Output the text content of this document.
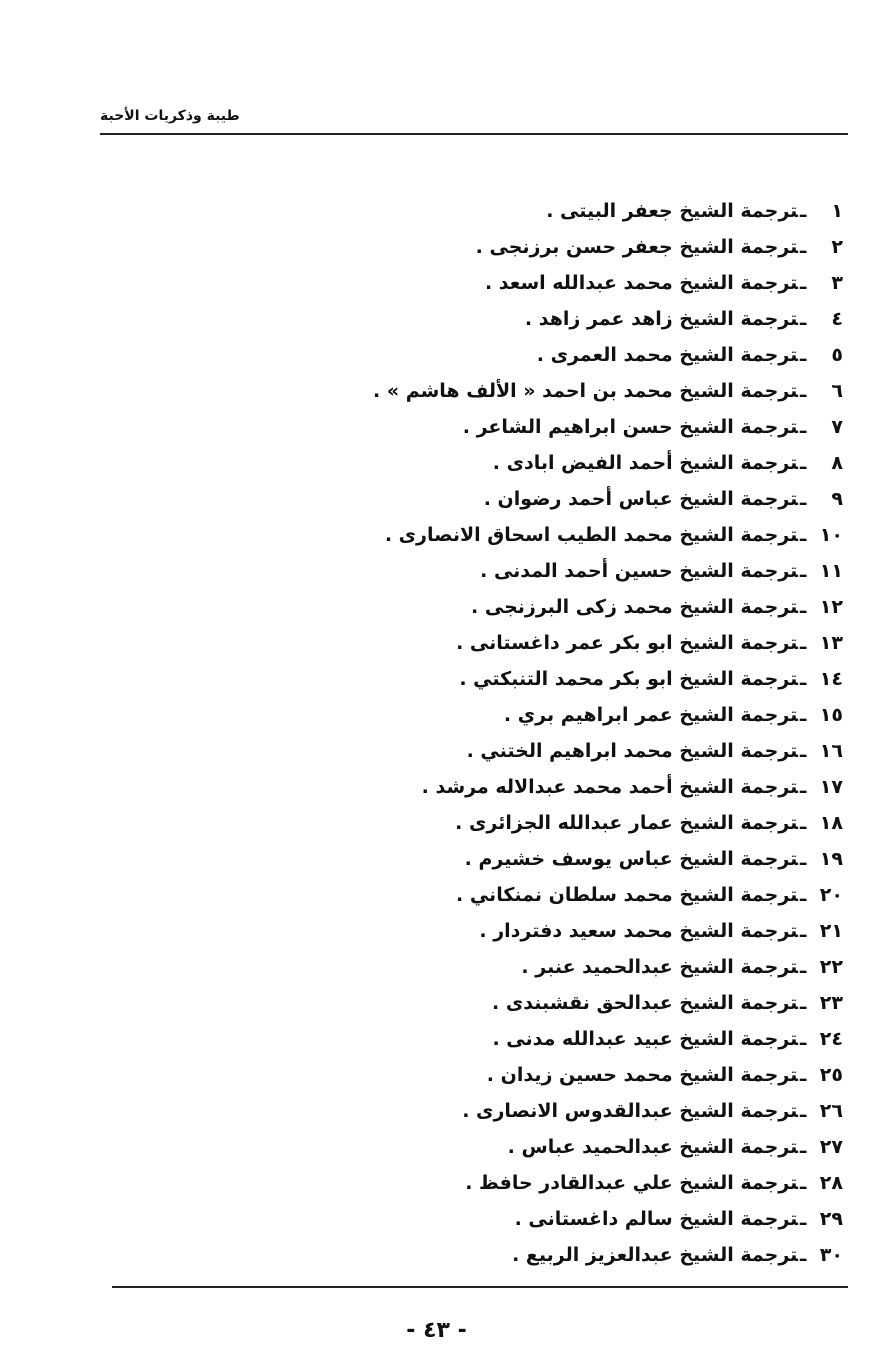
طيبة وذكريات الأحبة
١ ـترجمة الشيخ جعفر البيتى .
٢ ـترجمة الشيخ جعفر حسن برزنجى .
٣ ـترجمة الشيخ محمد عبدالله اسعد .
٤ ـترجمة الشيخ زاهد عمر زاهد .
٥ ـترجمة الشيخ محمد العمرى .
٦ ـترجمة الشيخ محمد بن احمد « الألف هاشم » .
٧ ـترجمة الشيخ حسن ابراهيم الشاعر .
٨ ـترجمة الشيخ أحمد الفيض ابادى .
٩ ـترجمة الشيخ عباس أحمد رضوان .
١٠ ـترجمة الشيخ محمد الطيب اسحاق الانصارى .
١١ ـترجمة الشيخ حسين أحمد المدنى .
١٢ ـترجمة الشيخ محمد زكى البرزنجى .
١٣ ـترجمة الشيخ ابو بكر عمر داغستانى .
١٤ ـترجمة الشيخ ابو بكر محمد التنبكتي .
١٥ ـترجمة الشيخ عمر ابراهيم بري .
١٦ ـترجمة الشيخ محمد ابراهيم الختني .
١٧ ـترجمة الشيخ أحمد محمد عبدالاله مرشد .
١٨ ـترجمة الشيخ عمار عبدالله الجزائرى .
١٩ ـترجمة الشيخ عباس يوسف خشيرم .
٢٠ ـترجمة الشيخ محمد سلطان نمنكاني .
٢١ ـترجمة الشيخ محمد سعيد دفتردار .
٢٢ ـترجمة الشيخ عبدالحميد عنبر .
٢٣ ـترجمة الشيخ عبدالحق نقشبندى .
٢٤ ـترجمة الشيخ عبيد عبدالله مدنى .
٢٥ ـترجمة الشيخ محمد حسين زيدان .
٢٦ ـترجمة الشيخ عبدالقدوس الانصارى .
٢٧ ـترجمة الشيخ عبدالحميد عباس .
٢٨ ـترجمة الشيخ علي عبدالقادر حافظ .
٢٩ ـترجمة الشيخ سالم داغستانى .
٣٠ ـترجمة الشيخ عبدالعزيز الربيع .
- ٤٣ -
